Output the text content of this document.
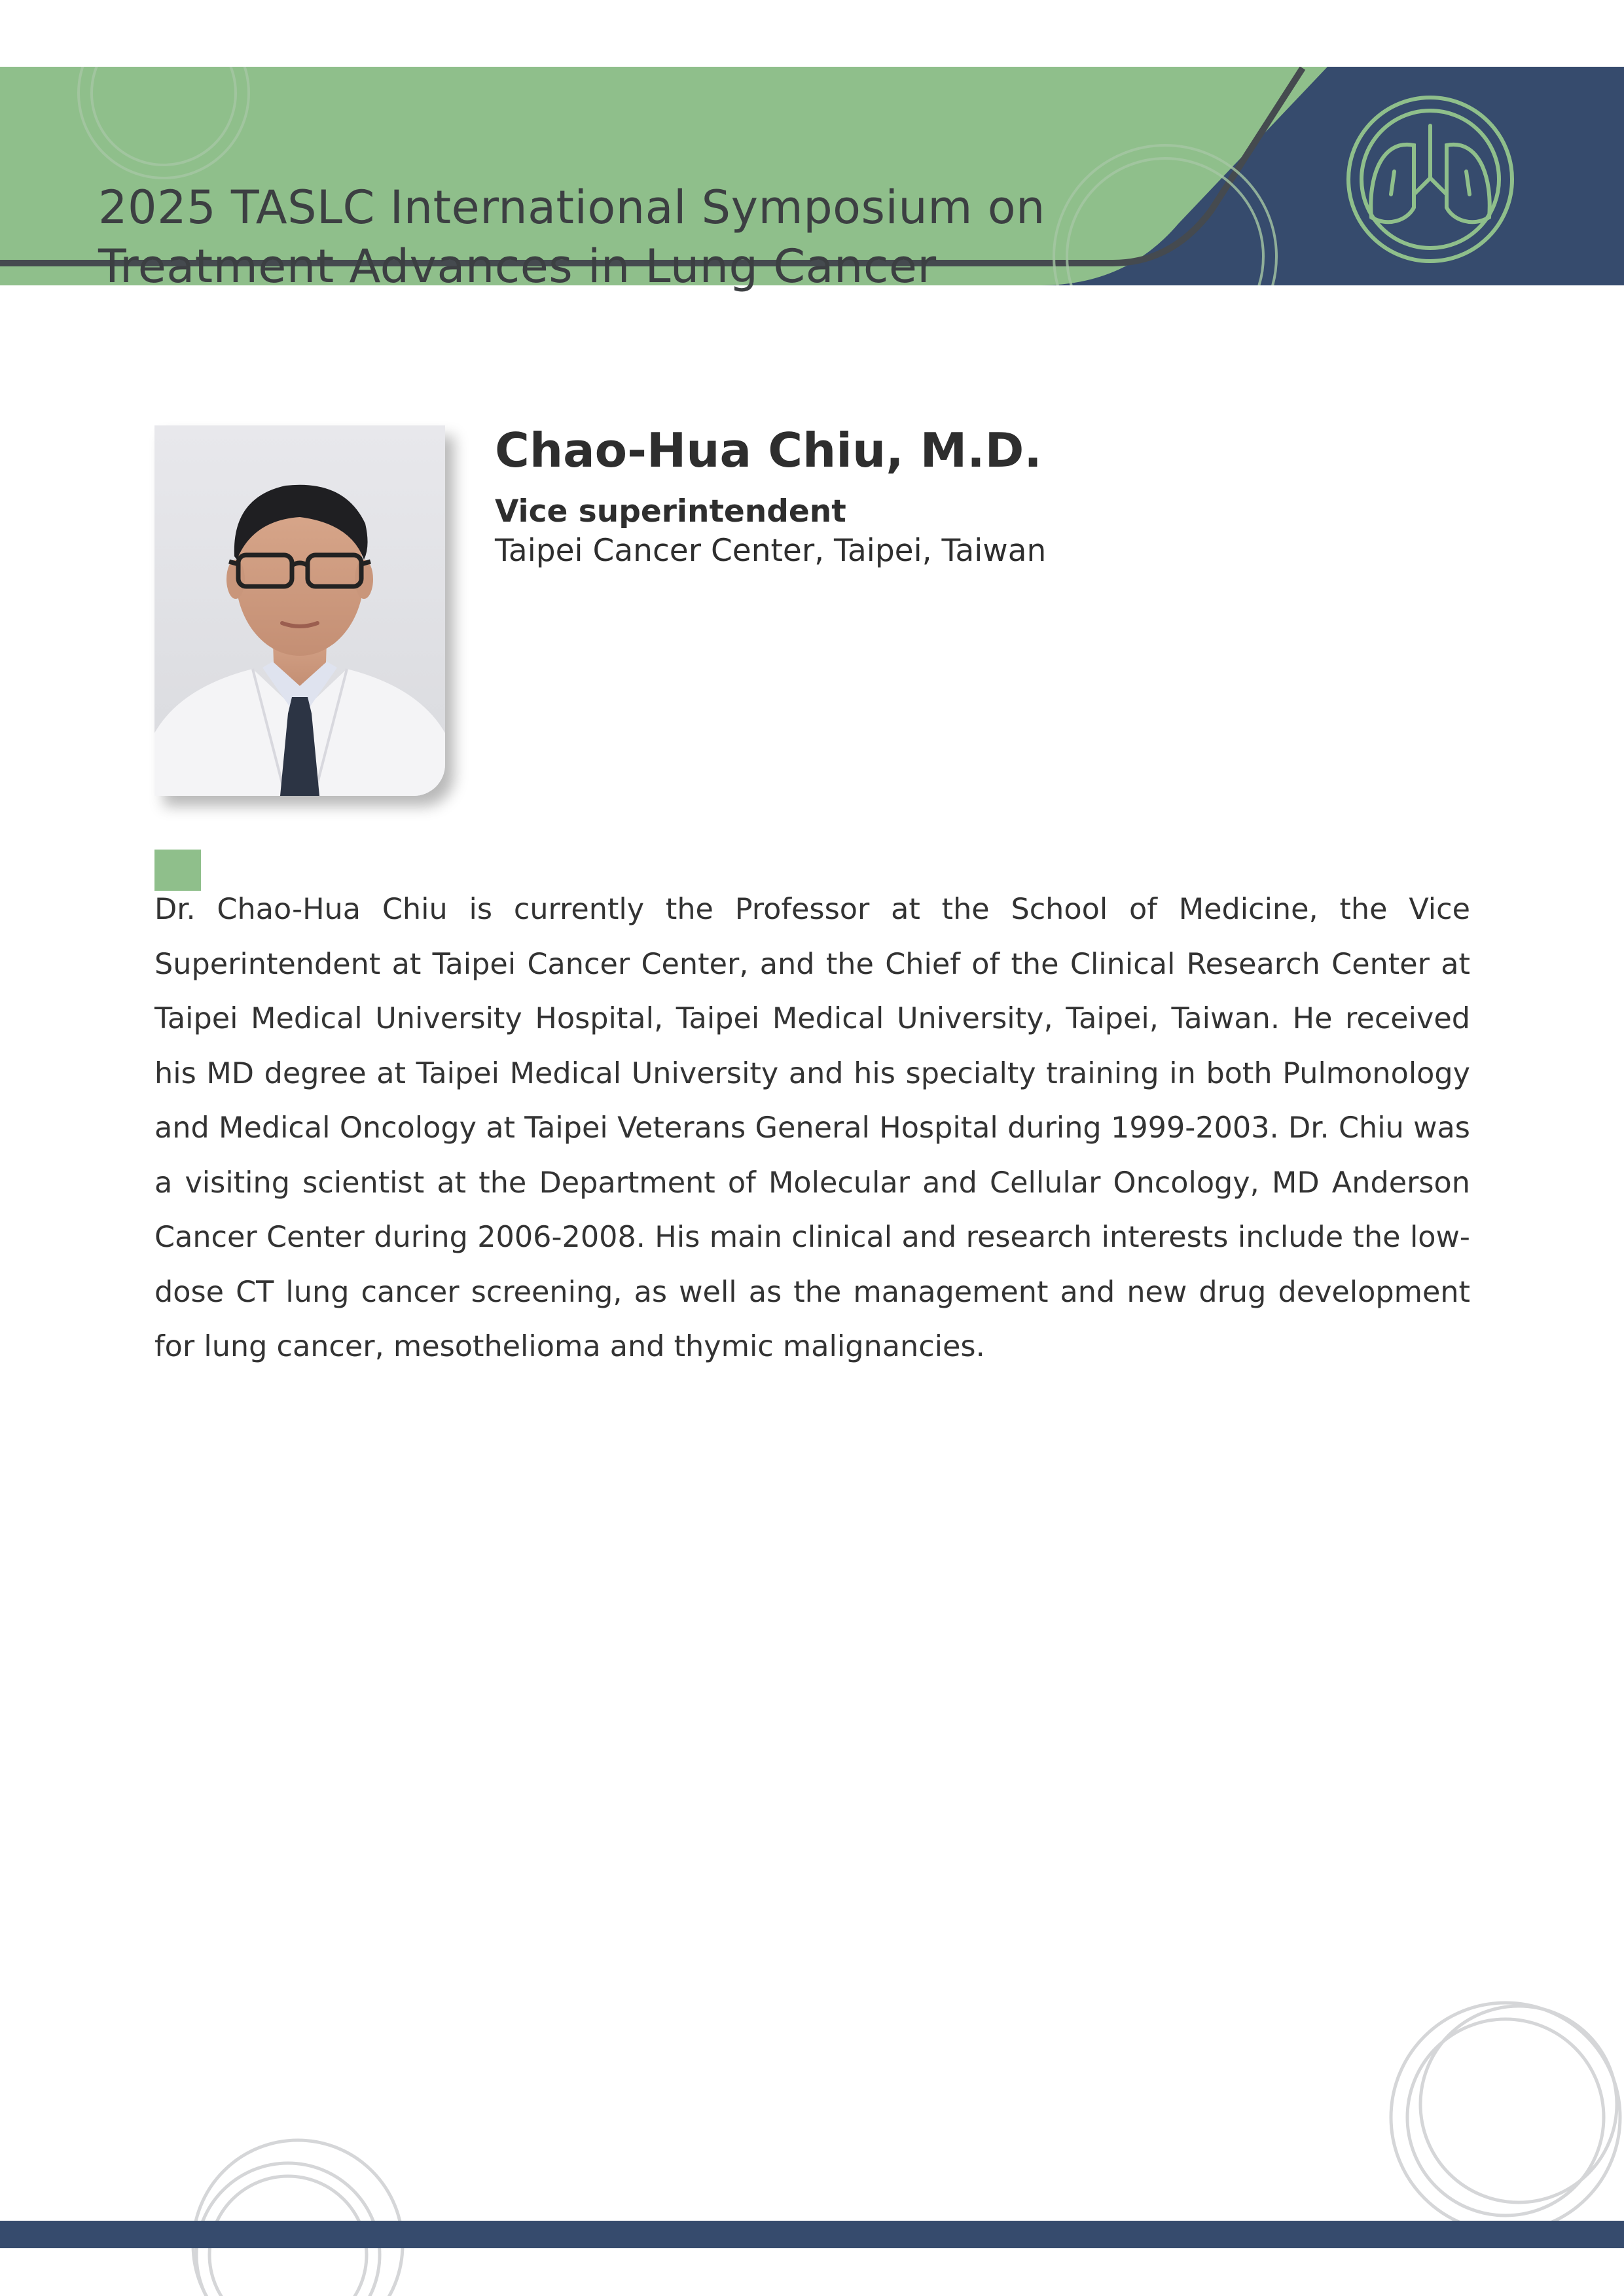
2025 TASLC International Symposium on
Treatment Advances in Lung Cancer
Chao-Hua Chiu, M.D.
Vice superintendent
Taipei Cancer Center, Taipei, Taiwan

Dr. Chao-Hua Chiu is currently the Professor at the School of Medicine, the Vice Superintendent at Taipei Cancer Center, and the Chief of the Clinical Research Center at Taipei Medical University Hospital, Taipei Medical University, Taipei, Taiwan. He received his MD degree at Taipei Medical University and his specialty training in both Pulmonology and Medical Oncology at Taipei Veterans General Hospital during 1999-2003. Dr. Chiu was a visiting scientist at the Department of Molecular and Cellular Oncology, MD Anderson Cancer Center during 2006-2008. His main clinical and research interests include the low-dose CT lung cancer screening, as well as the management and new drug development for lung cancer, mesothelioma and thymic malignancies.
